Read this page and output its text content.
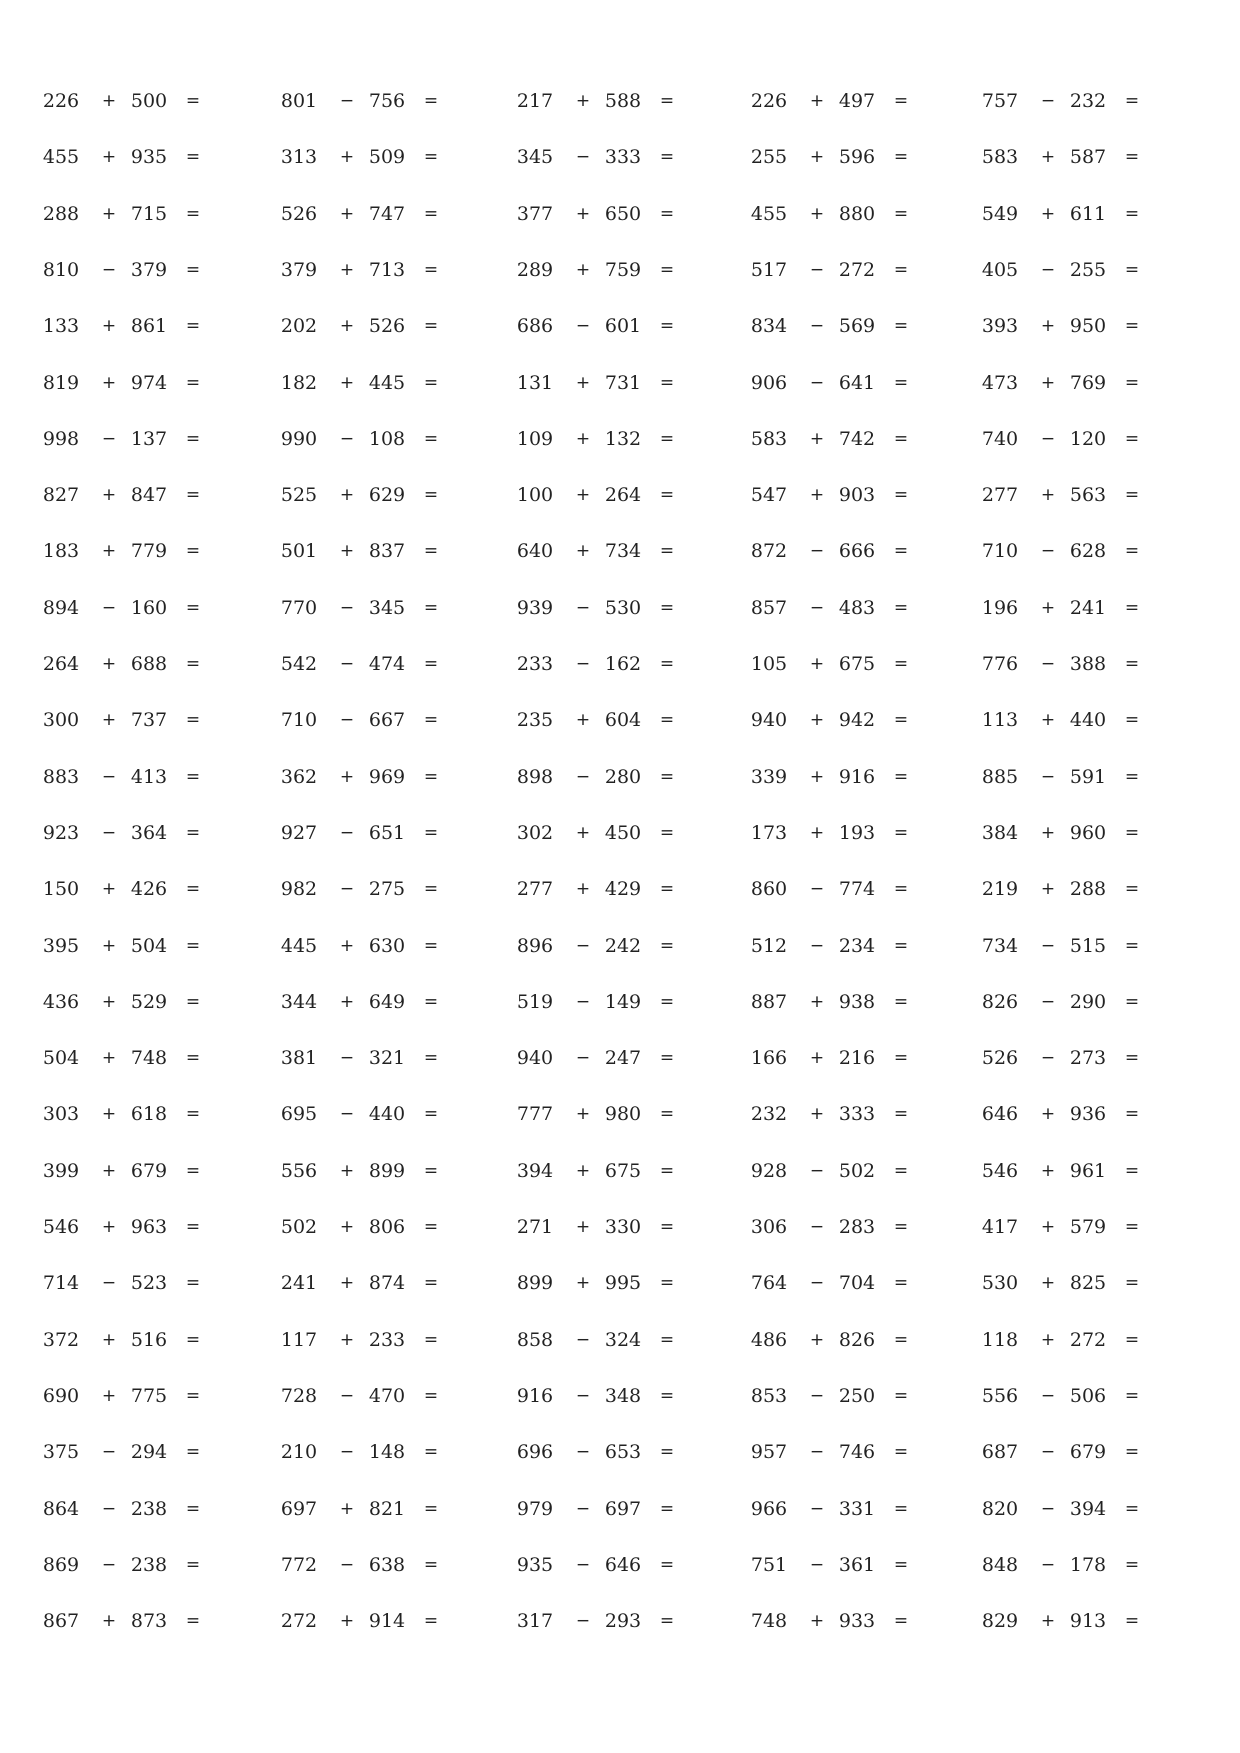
226 + 500 =	801 − 756 =	217 + 588 =	226 + 497 =	757 − 232 =
455 + 935 =	313 + 509 =	345 − 333 =	255 + 596 =	583 + 587 =
288 + 715 =	526 + 747 =	377 + 650 =	455 + 880 =	549 + 611 =
810 − 379 =	379 + 713 =	289 + 759 =	517 − 272 =	405 − 255 =
133 + 861 =	202 + 526 =	686 − 601 =	834 − 569 =	393 + 950 =
819 + 974 =	182 + 445 =	131 + 731 =	906 − 641 =	473 + 769 =
998 − 137 =	990 − 108 =	109 + 132 =	583 + 742 =	740 − 120 =
827 + 847 =	525 + 629 =	100 + 264 =	547 + 903 =	277 + 563 =
183 + 779 =	501 + 837 =	640 + 734 =	872 − 666 =	710 − 628 =
894 − 160 =	770 − 345 =	939 − 530 =	857 − 483 =	196 + 241 =
264 + 688 =	542 − 474 =	233 − 162 =	105 + 675 =	776 − 388 =
300 + 737 =	710 − 667 =	235 + 604 =	940 + 942 =	113 + 440 =
883 − 413 =	362 + 969 =	898 − 280 =	339 + 916 =	885 − 591 =
923 − 364 =	927 − 651 =	302 + 450 =	173 + 193 =	384 + 960 =
150 + 426 =	982 − 275 =	277 + 429 =	860 − 774 =	219 + 288 =
395 + 504 =	445 + 630 =	896 − 242 =	512 − 234 =	734 − 515 =
436 + 529 =	344 + 649 =	519 − 149 =	887 + 938 =	826 − 290 =
504 + 748 =	381 − 321 =	940 − 247 =	166 + 216 =	526 − 273 =
303 + 618 =	695 − 440 =	777 + 980 =	232 + 333 =	646 + 936 =
399 + 679 =	556 + 899 =	394 + 675 =	928 − 502 =	546 + 961 =
546 + 963 =	502 + 806 =	271 + 330 =	306 − 283 =	417 + 579 =
714 − 523 =	241 + 874 =	899 + 995 =	764 − 704 =	530 + 825 =
372 + 516 =	117 + 233 =	858 − 324 =	486 + 826 =	118 + 272 =
690 + 775 =	728 − 470 =	916 − 348 =	853 − 250 =	556 − 506 =
375 − 294 =	210 − 148 =	696 − 653 =	957 − 746 =	687 − 679 =
864 − 238 =	697 + 821 =	979 − 697 =	966 − 331 =	820 − 394 =
869 − 238 =	772 − 638 =	935 − 646 =	751 − 361 =	848 − 178 =
867 + 873 =	272 + 914 =	317 − 293 =	748 + 933 =	829 + 913 =
